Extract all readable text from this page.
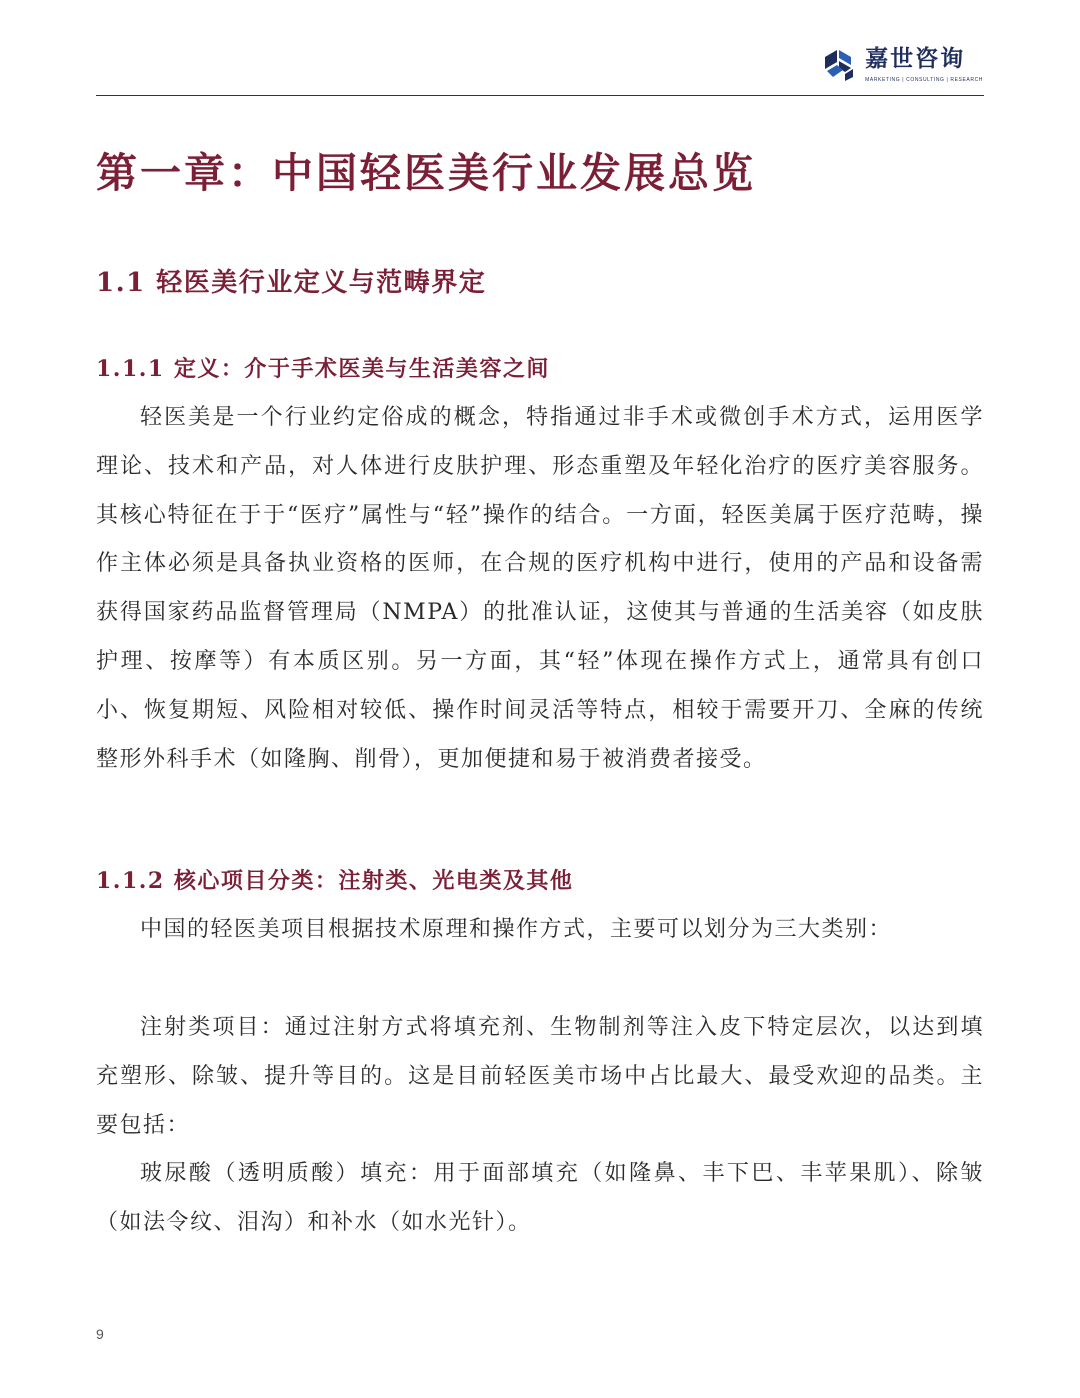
嘉世咨询
MARKETING | CONSULTING | RESEARCH
第一章：中国轻医美行业发展总览
1.1 轻医美行业定义与范畴界定
1.1.1 定义：介于手术医美与生活美容之间

轻医美是一个行业约定俗成的概念，特指通过非手术或微创手术方式，运用医学理论、技术和产品，对人体进行皮肤护理、形态重塑及年轻化治疗的医疗美容服务。其核心特征在于于“医疗”属性与“轻”操作的结合。一方面，轻医美属于医疗范畴，操作主体必须是具备执业资格的医师，在合规的医疗机构中进行，使用的产品和设备需获得国家药品监督管理局（NMPA）的批准认证，这使其与普通的生活美容（如皮肤护理、按摩等）有本质区别。另一方面，其“轻”体现在操作方式上，通常具有创口小、恢复期短、风险相对较低、操作时间灵活等特点，相较于需要开刀、全麻的传统整形外科手术（如隆胸、削骨），更加便捷和易于被消费者接受。

1.1.2 核心项目分类：注射类、光电类及其他

中国的轻医美项目根据技术原理和操作方式，主要可以划分为三大类别：

注射类项目：通过注射方式将填充剂、生物制剂等注入皮下特定层次，以达到填充塑形、除皱、提升等目的。这是目前轻医美市场中占比最大、最受欢迎的品类。主要包括：

玻尿酸（透明质酸）填充：用于面部填充（如隆鼻、丰下巴、丰苹果肌）、除皱（如法令纹、泪沟）和补水（如水光针）。

9
